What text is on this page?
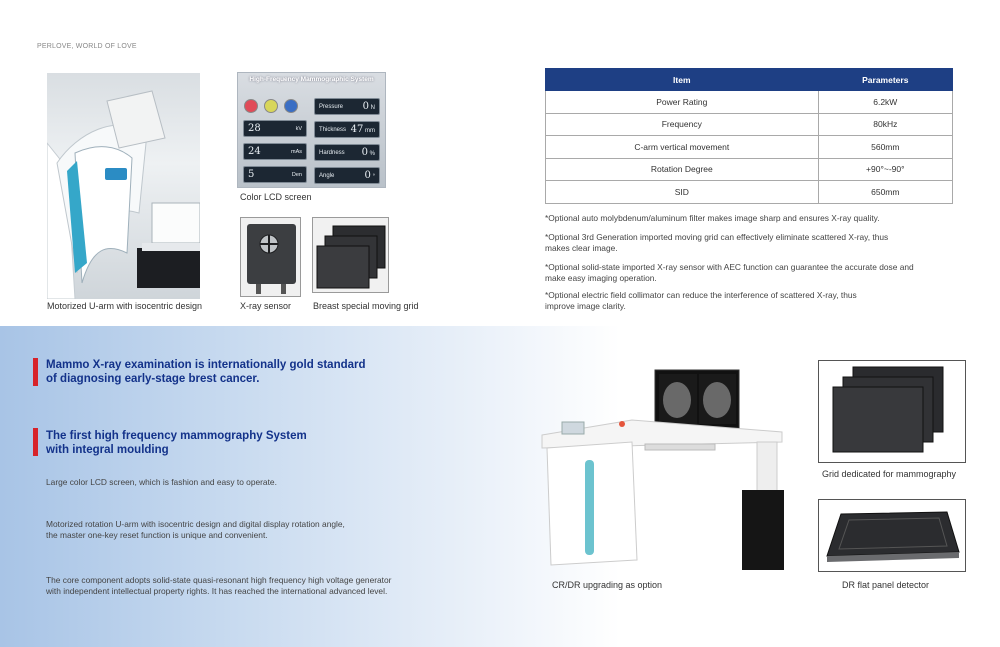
PERLOVE, WORLD OF LOVE
Motorized U-arm with isocentric design
High-Frequency Mammographic System
28	kV
24	mAs
5	Den
Pressure 0 N
Thickness 47 mm
Hardness 0 %
Angle	0 °
Color LCD screen
X-ray sensor Breast special moving grid
Item	Parameters
Power Rating	6.2kW
Frequency	80kHz
C-arm vertical movement	560mm
Rotation Degree	+90°~-90°
SID	650mm
*Optional auto molybdenum/aluminum filter makes image sharp and ensures X-ray quality.
*Optional 3rd Generation imported moving grid can effectively eliminate scattered X-ray, thus makes clear image.
*Optional solid-state imported X-ray sensor with AEC function can guarantee the accurate dose and make easy imaging operation.
*Optional electric field collimator can reduce the interference of scattered X-ray, thus improve image clarity.
Mammo X-ray examination is internationally gold standard
of diagnosing early-stage brest cancer.
The first high frequency mammography System
with integral moulding
Large color LCD screen, which is fashion and easy to operate.
Motorized rotation U-arm with isocentric design and digital display rotation angle,
the master one-key reset function is unique and convenient.
The core component adopts solid-state quasi-resonant high frequency high voltage generator
with independent intellectual property rights. It has reached the international advanced level.
CR/DR upgrading as option
Grid dedicated for mammography
DR flat panel detector
